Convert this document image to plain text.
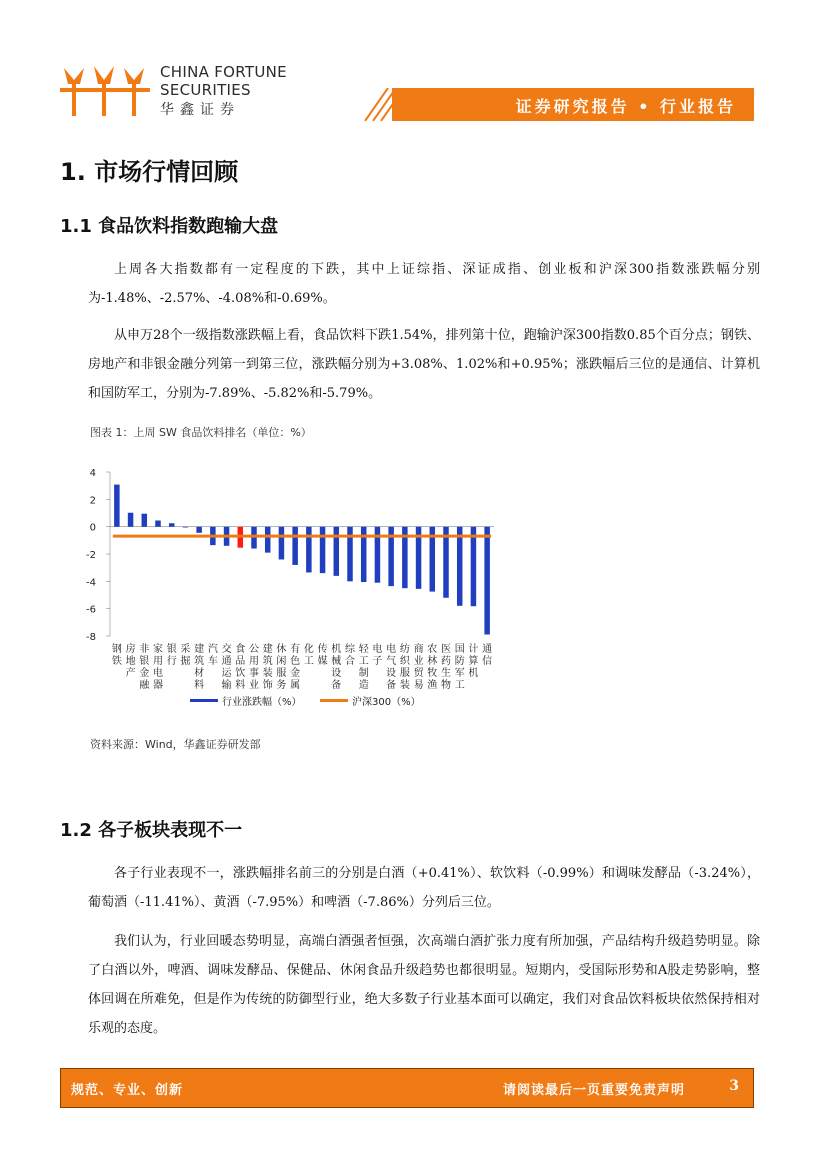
CHINA FORTUNE
SECURITIES
华鑫证券	证券研究报告 • 行业报告
1. 市场行情回顾
1.1 食品饮料指数跑输大盘
上周各大指数都有一定程度的下跌，其中上证综指、深证成指、创业板和沪深300指数涨跌幅分别为-1.48%、-2.57%、-4.08%和-0.69%。
从申万28个一级指数涨跌幅上看，食品饮料下跌1.54%，排列第十位，跑输沪深300指数0.85个百分点；钢铁、房地产和非银金融分列第一到第三位，涨跌幅分别为+3.08%、1.02%和+0.95%；涨跌幅后三位的是通信、计算机和国防军工，分别为-7.89%、-5.82%和-5.79%。
图表 1：上周 SW 食品饮料排名（单位：%）
4
2
0
-2
-4
-6
-8
钢铁
房地产
非银金融
家用电器
银行
采掘
建筑材料
汽车
交通运输
食品饮料
公用事业
建筑装饰
休闲服务
有色金属
化工
传媒
机械设备
综合
轻工制造
电子
电气设备
纺织服装
商业贸易
农林牧渔
医药生物
国防军工
计算机
通信
行业涨跌幅（%）	沪深300（%）
资料来源：Wind，华鑫证券研发部
1.2 各子板块表现不一
各子行业表现不一，涨跌幅排名前三的分别是白酒（+0.41%）、软饮料（-0.99%）和调味发酵品（-3.24%），葡萄酒（-11.41%）、黄酒（-7.95%）和啤酒（-7.86%）分列后三位。
我们认为，行业回暖态势明显，高端白酒强者恒强，次高端白酒扩张力度有所加强，产品结构升级趋势明显。除了白酒以外，啤酒、调味发酵品、保健品、休闲食品升级趋势也都很明显。短期内，受国际形势和A股走势影响，整体回调在所难免，但是作为传统的防御型行业，绝大多数子行业基本面可以确定，我们对食品饮料板块依然保持相对乐观的态度。
规范、专业、创新	请阅读最后一页重要免责声明	3
